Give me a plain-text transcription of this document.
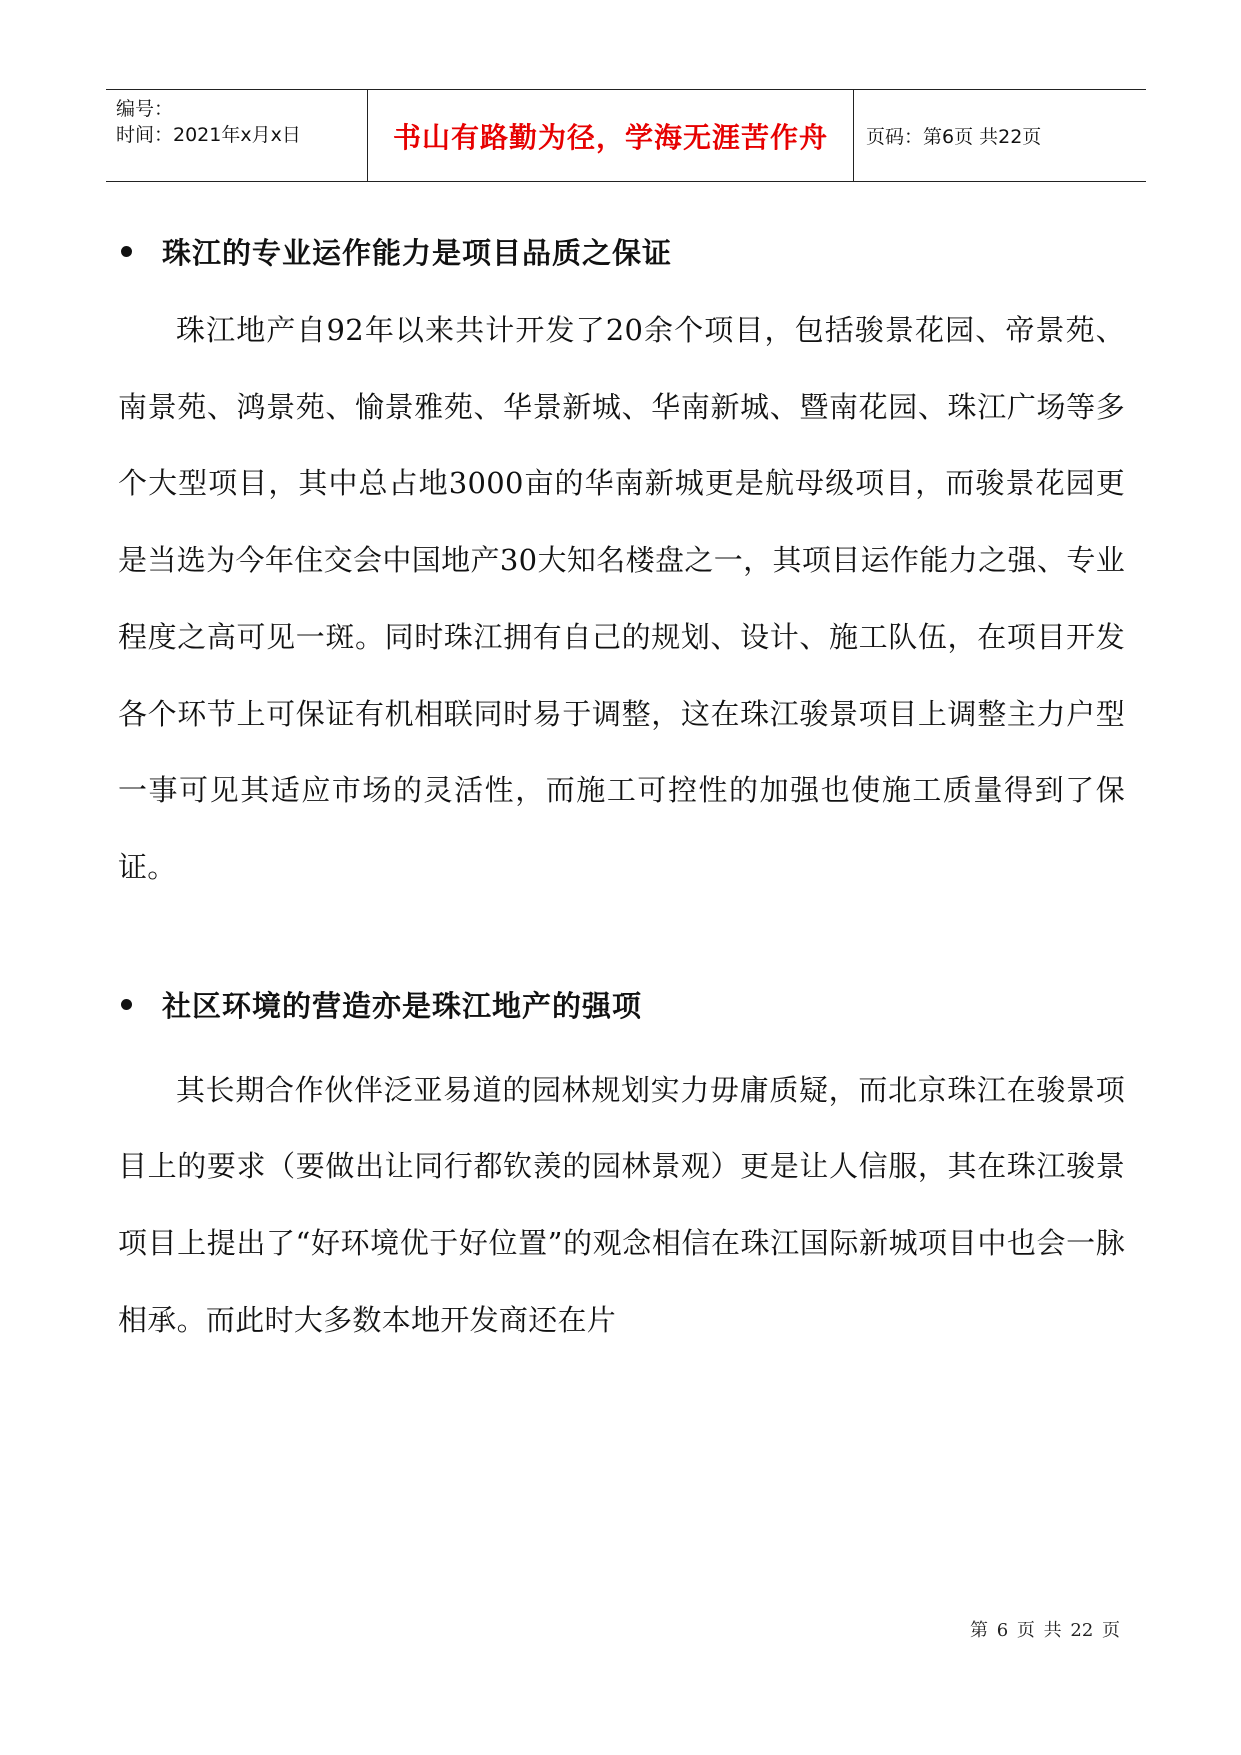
编号：
时间：2021年x月x日	书山有路勤为径，学海无涯苦作舟 页码：第6页 共22页
珠江的专业运作能力是项目品质之保证

珠江地产自92年以来共计开发了20余个项目，包括骏景花园、帝景苑、南景苑、鸿景苑、愉景雅苑、华景新城、华南新城、暨南花园、珠江广场等多个大型项目，其中总占地3000亩的华南新城更是航母级项目，而骏景花园更是当选为今年住交会中国地产30大知名楼盘之一，其项目运作能力之强、专业程度之高可见一斑。同时珠江拥有自己的规划、设计、施工队伍，在项目开发各个环节上可保证有机相联同时易于调整，这在珠江骏景项目上调整主力户型一事可见其适应市场的灵活性，而施工可控性的加强也使施工质量得到了保证。

社区环境的营造亦是珠江地产的强项

其长期合作伙伴泛亚易道的园林规划实力毋庸质疑，而北京珠江在骏景项目上的要求（要做出让同行都钦羡的园林景观）更是让人信服，其在珠江骏景项目上提出了“好环境优于好位置”的观念相信在珠江国际新城项目中也会一脉相承。而此时大多数本地开发商还在片

第 6 页 共 22 页
